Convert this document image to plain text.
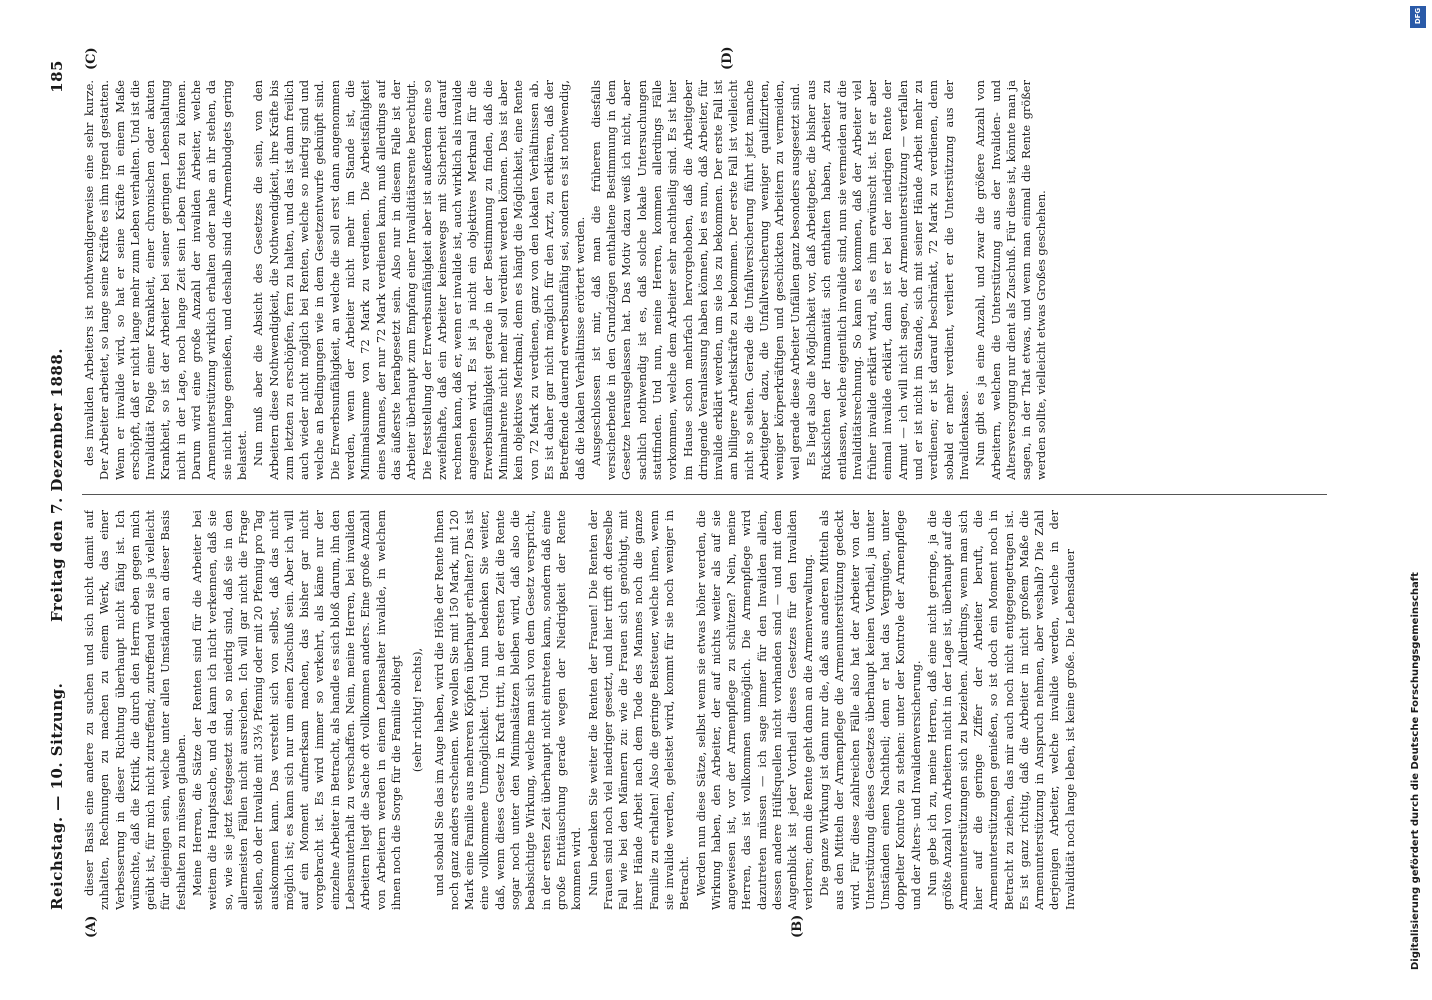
Reichstag. — 10. Sitzung.
Freitag den 7. Dezember 1888.
185
(A)	(B)
(C)	(D)

dieser Basis eine andere zu suchen und sich nicht damit auf zuhalten, Rechnungen zu machen zu einem Werk, das einer Verbesserung in dieser Richtung überhaupt nicht fähig ist. Ich wünschte, daß die Kritik, die durch den Herrn eben gegen mich geübt ist, für mich nicht zutreffend; zutreffend wird sie ja vielleicht für diejenigen sein, welche unter allen Umständen an dieser Basis festhalten zu müssen glauben. Meine Herren, die Sätze der Renten sind für die Arbeiter bei weitem die Hauptsache, und da kann ich nicht verkennen, daß sie so, wie sie jetzt festgesetzt sind, so niedrig sind, daß sie in den allermeisten Fällen nicht ausreichen. Ich will gar nicht die Frage stellen, ob der Invalide mit 33⅓ Pfennig oder mit 20 Pfennig pro Tag auskommen kann. Das versteht sich von selbst, daß das nicht möglich ist; es kann sich nur um einen Zuschuß sein. Aber ich will auf ein Moment aufmerksam machen, das bisher gar nicht vorgebracht ist. Es wird immer so verkehrt, als käme nur der einzelne Arbeiter in Betracht, als handle es sich bloß darum, ihn den Lebensunterhalt zu verschaffen. Nein, meine Herren, bei invaliden Arbeitern liegt die Sache oft vollkommen anders. Eine große Anzahl von Arbeitern werden in einem Lebensalter invalide, in welchem ihnen noch die Sorge für die Familie obliegt (sehr richtig! rechts), und sobald Sie das im Auge haben, wird die Höhe der Rente Ihnen noch ganz anders erscheinen. Wie wollen Sie mit 150 Mark, mit 120 Mark eine Familie aus mehreren Köpfen überhaupt erhalten? Das ist eine vollkommene Unmöglichkeit. Und nun bedenken Sie weiter, daß, wenn dieses Gesetz in Kraft tritt, in der ersten Zeit die Rente sogar noch unter den Minimalsätzen bleiben wird, daß also die beabsichtigte Wirkung, welche man sich von dem Gesetz verspricht, in der ersten Zeit überhaupt nicht eintreten kann, sondern daß eine große Enttäuschung gerade wegen der Niedrigkeit der Rente kommen wird. Nun bedenken Sie weiter die Renten der Frauen! Die Renten der Frauen sind noch viel niedriger gesetzt, und hier trifft oft derselbe Fall wie bei den Männern zu: wie die Frauen sich genöthigt, mit ihrer Hände Arbeit nach dem Tode des Mannes noch die ganze Familie zu erhalten! Also die geringe Beisteuer, welche ihnen, wenn sie invalide werden, geleistet wird, kommt für sie noch weniger in Betracht. Werden nun diese Sätze, selbst wenn sie etwas höher werden, die Wirkung haben, den Arbeiter, der auf nichts weiter als auf sie angewiesen ist, vor der Armenpflege zu schützen? Nein, meine Herren, das ist vollkommen unmöglich. Die Armenpflege wird dazutreten müssen — ich sage immer für den Invaliden allein, dessen andere Hülfsquellen nicht vorhanden sind — und mit dem Augenblick ist jeder Vortheil dieses Gesetzes für den Invaliden verloren; denn die Rente geht dann an die Armenverwaltung. Die ganze Wirkung ist dann nur die, daß aus anderen Mitteln als aus den Mitteln der Armenpflege die Armenunterstützung gedeckt wird. Für diese zahlreichen Fälle also hat der Arbeiter von der Unterstützung dieses Gesetzes überhaupt keinen Vortheil, ja unter Umständen einen Nachtheil; denn er hat das Vergnügen, unter doppelter Kontrole zu stehen: unter der Kontrole der Armenpflege und der Alters- und Invalidenversicherung. Nun gebe ich zu, meine Herren, daß eine nicht geringe, ja die größte Anzahl von Arbeitern nicht in der Lage ist, überhaupt auf die Armenunterstützungen sich zu beziehen. Allerdings, wenn man sich hier auf die geringe Ziffer der Arbeiter beruft, die Armenunterstützungen genießen, so ist doch ein Moment noch in Betracht zu ziehen, das mir auch noch nicht entgegengetragen ist. Es ist ganz richtig, daß die Arbeiter in nicht großem Maße die Armenunterstützung in Anspruch nehmen, aber weshalb? Die Zahl derjenigen Arbeiter, welche invalide werden, welche in der Invalidität noch lange leben, ist keine große. Die Lebensdauer

des invaliden Arbeiters ist nothwendigerweise eine sehr kurze. Der Arbeiter arbeitet, so lange seine Kräfte es ihm irgend gestatten. Wenn er invalide wird, so hat er seine Kräfte in einem Maße erschöpft, daß er nicht lange mehr zum Leben verhalten. Und ist die Invalidität Folge einer Krankheit, einer chronischen oder akuten Krankheit, so ist der Arbeiter bei seiner geringen Lebenshaltung nicht in der Lage, noch lange Zeit sein Leben fristen zu können. Darum wird eine große Anzahl der invaliden Arbeiter, welche Armenunterstützung wirklich erhalten oder nahe an ihr stehen, da sie nicht lange genießen, und deshalb sind die Armenbudgets gering belastet. Nun muß aber die Absicht des Gesetzes die sein, von den Arbeitern diese Nothwendigkeit, die Nothwendigkeit, ihre Kräfte bis zum letzten zu erschöpfen, fern zu halten, und das ist dann freilich auch wieder nicht möglich bei Renten, welche so niedrig sind und welche an Bedingungen wie in dem Gesetzentwurfe geknüpft sind. Die Erwerbsunfähigkeit, an welche die soll erst dann angenommen werden, wenn der Arbeiter nicht mehr im Stande ist, die Minimalsumme von 72 Mark zu verdienen. Die Arbeitsfähigkeit eines Mannes, der nur 72 Mark verdienen kann, muß allerdings auf das äußerste herabgesetzt sein. Also nur in diesem Falle ist der Arbeiter überhaupt zum Empfang einer Invaliditätsrente berechtigt. Die Feststellung der Erwerbsunfähigkeit aber ist außerdem eine so zweifelhafte, daß ein Arbeiter keineswegs mit Sicherheit darauf rechnen kann, daß er, wenn er invalide ist, auch wirklich als invalide angesehen wird. Es ist ja nicht ein objektives Merkmal für die Erwerbsunfähigkeit gerade in der Bestimmung zu finden, daß die Minimalrente nicht mehr soll verdient werden können. Das ist aber kein objektives Merkmal; denn es hängt die Möglichkeit, eine Rente von 72 Mark zu verdienen, ganz von den lokalen Verhältnissen ab. Es ist daher gar nicht möglich für den Arzt, zu erklären, daß der Betreffende dauernd erwerbsunfähig sei, sondern es ist nothwendig, daß die lokalen Verhältnisse erörtert werden. Ausgeschlossen ist mir, daß man die früheren diesfalls versicherbende in den Grundzügen enthaltene Bestimmung in dem Gesetze herausgelassen hat. Das Motiv dazu weiß ich nicht, aber sachlich nothwendig ist es, daß solche lokale Untersuchungen stattfinden. Und nun, meine Herren, kommen allerdings Fälle vorkommen, welche dem Arbeiter sehr nachtheilig sind. Es ist hier im Hause schon mehrfach hervorgehoben, daß die Arbeitgeber dringende Veranlassung haben können, bei es nun, daß Arbeiter, für invalide erklärt werden, um sie los zu bekommen. Der erste Fall ist am billigere Arbeitskräfte zu bekommen. Der erste Fall ist vielleicht nicht so selten. Gerade die Unfallversicherung führt jetzt manche Arbeitgeber dazu, die Unfallversicherung weniger qualifizirten, weniger körperkräftigen und geschickten Arbeitern zu vermeiden, weil gerade diese Arbeiter Unfällen ganz besonders ausgesetzt sind. Es liegt also die Möglichkeit vor, daß Arbeitgeber, die bisher aus Rücksichten der Humanität sich enthalten haben, Arbeiter zu entlassen, welche eigentlich invalide sind, nun sie vermeiden auf die Invaliditätsrechnung. So kann es kommen, daß der Arbeiter viel früher invalide erklärt wird, als es ihm erwünscht ist. Ist er aber einmal invalide erklärt, dann ist er bei der niedrigen Rente der Armut — ich will nicht sagen, der Armenunterstützung — verfallen und er ist nicht im Stande, sich mit seiner Hände Arbeit mehr zu verdienen; er ist darauf beschränkt, 72 Mark zu verdienen, denn sobald er mehr verdient, verliert er die Unterstützung aus der Invalidenkasse. Nun gibt es ja eine Anzahl, und zwar die größere Anzahl von Arbeitern, welchen die Unterstützung aus der Invaliden- und Altersversorgung nur dient als Zuschuß. Für diese ist, könnte man ja sagen, in der That etwas, und wenn man einmal die Rente größer werden sollte, vielleicht etwas Großes geschehen.

Digitalisierung gefördert durch die Deutsche Forschungsgemeinschaft
DFG
